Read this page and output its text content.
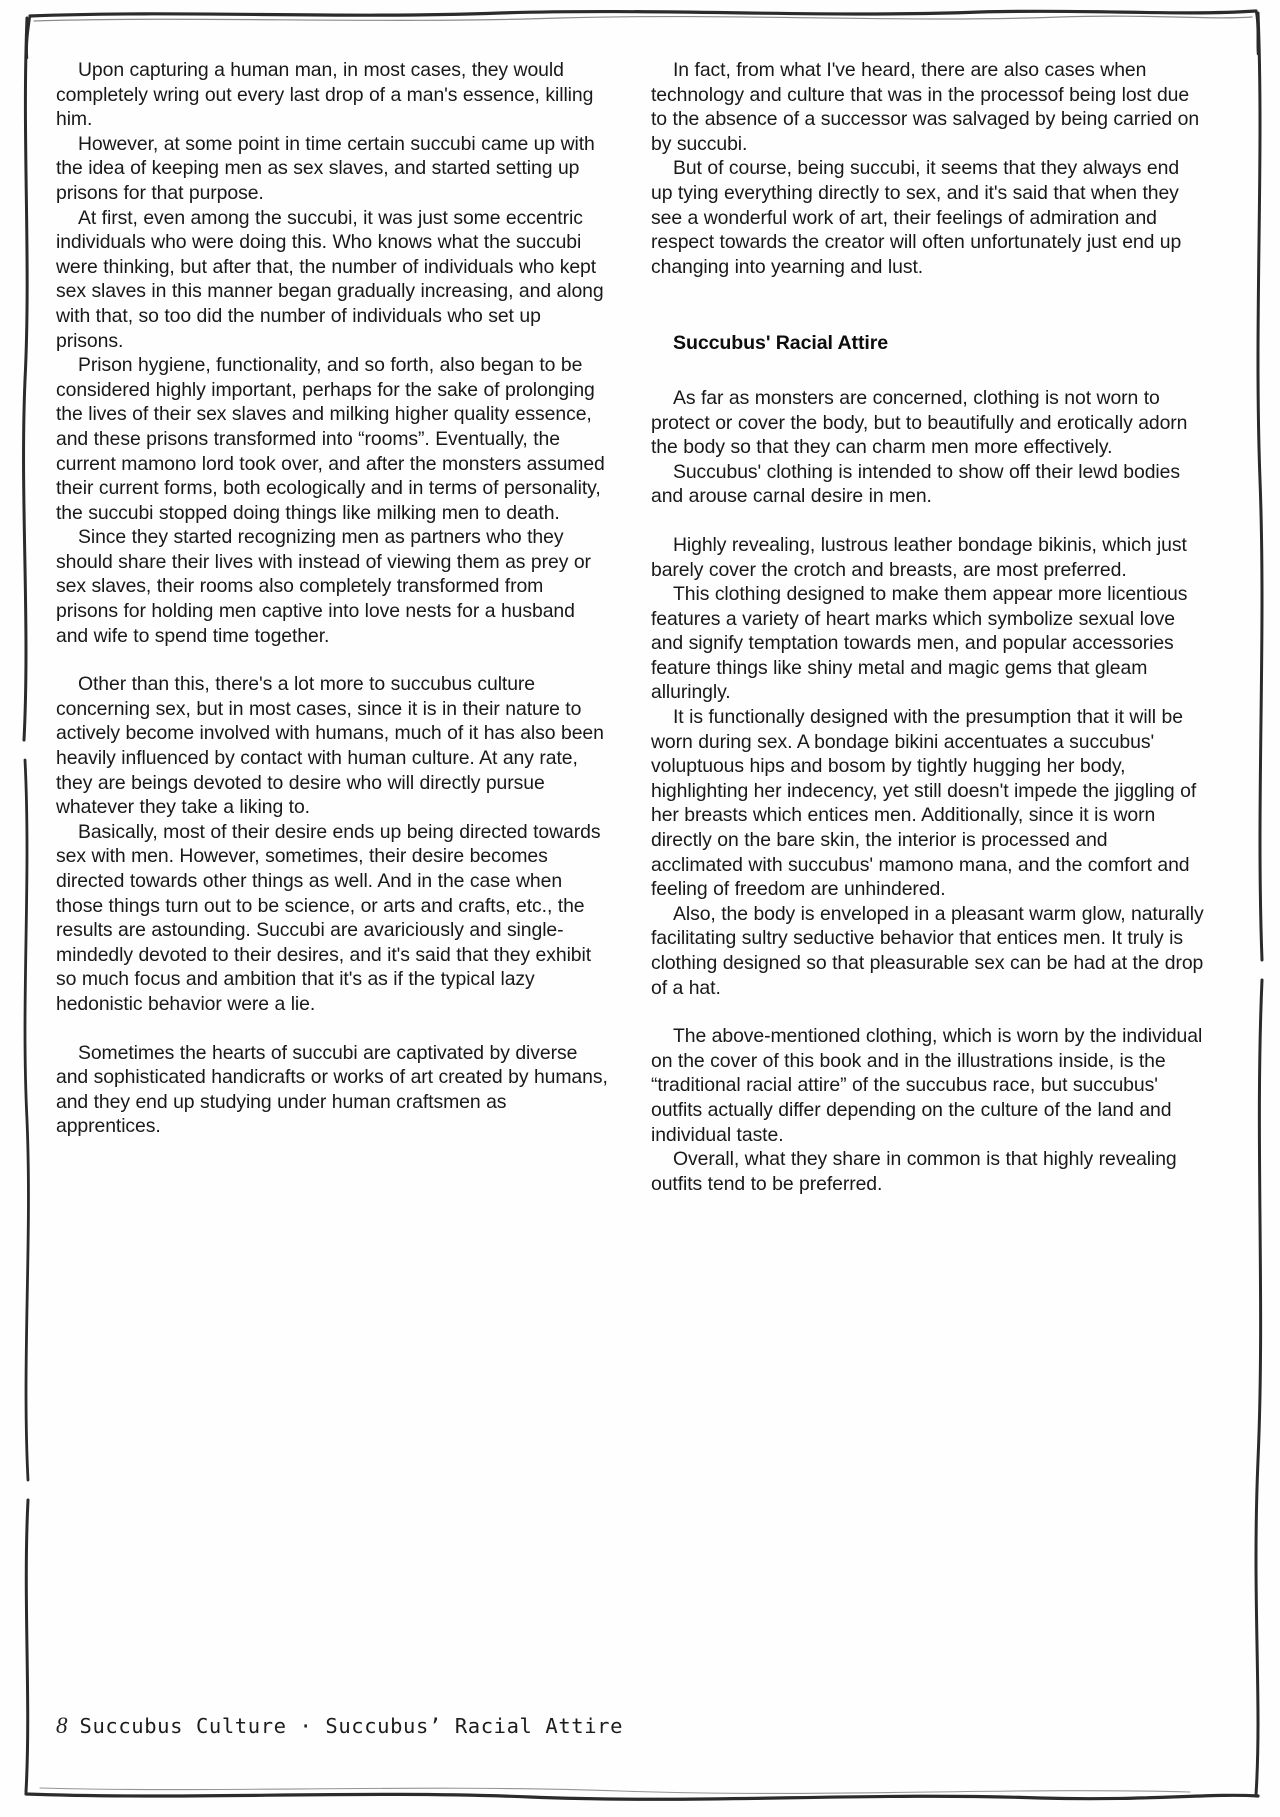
Upon capturing a human man, in most cases, they would completely wring out every last drop of a man's essence, killing him.

However, at some point in time certain succubi came up with the idea of keeping men as sex slaves, and started setting up prisons for that purpose.

At first, even among the succubi, it was just some eccentric individuals who were doing this. Who knows what the succubi were thinking, but after that, the number of individuals who kept sex slaves in this manner began gradually increasing, and along with that, so too did the number of individuals who set up prisons.

Prison hygiene, functionality, and so forth, also began to be considered highly important, perhaps for the sake of prolonging the lives of their sex slaves and milking higher quality essence, and these prisons transformed into “rooms”. Eventually, the current mamono lord took over, and after the monsters assumed their current forms, both ecologically and in terms of personality, the succubi stopped doing things like milking men to death.

Since they started recognizing men as partners who they should share their lives with instead of viewing them as prey or sex slaves, their rooms also completely transformed from prisons for holding men captive into love nests for a husband and wife to spend time together.

Other than this, there's a lot more to succubus culture concerning sex, but in most cases, since it is in their nature to actively become involved with humans, much of it has also been heavily influenced by contact with human culture. At any rate, they are beings devoted to desire who will directly pursue whatever they take a liking to.

Basically, most of their desire ends up being directed towards sex with men. However, sometimes, their desire becomes directed towards other things as well. And in the case when those things turn out to be science, or arts and crafts, etc., the results are astounding. Succubi are avariciously and single-mindedly devoted to their desires, and it's said that they exhibit so much focus and ambition that it's as if the typical lazy hedonistic behavior were a lie.

Sometimes the hearts of succubi are captivated by diverse and sophisticated handicrafts or works of art created by humans, and they end up studying under human craftsmen as apprentices.

In fact, from what I've heard, there are also cases when technology and culture that was in the processof being lost due to the absence of a successor was salvaged by being carried on by succubi.

But of course, being succubi, it seems that they always end up tying everything directly to sex, and it's said that when they see a wonderful work of art, their feelings of admiration and respect towards the creator will often unfortunately just end up changing into yearning and lust.

Succubus' Racial Attire

As far as monsters are concerned, clothing is not worn to protect or cover the body, but to beautifully and erotically adorn the body so that they can charm men more effectively.

Succubus' clothing is intended to show off their lewd bodies and arouse carnal desire in men.

Highly revealing, lustrous leather bondage bikinis, which just barely cover the crotch and breasts, are most preferred.

This clothing designed to make them appear more licentious features a variety of heart marks which symbolize sexual love and signify temptation towards men, and popular accessories feature things like shiny metal and magic gems that gleam alluringly.

It is functionally designed with the presumption that it will be worn during sex. A bondage bikini accentuates a succubus' voluptuous hips and bosom by tightly hugging her body, highlighting her indecency, yet still doesn't impede the jiggling of her breasts which entices men. Additionally, since it is worn directly on the bare skin, the interior is processed and acclimated with succubus' mamono mana, and the comfort and feeling of freedom are unhindered.

Also, the body is enveloped in a pleasant warm glow, naturally facilitating sultry seductive behavior that entices men. It truly is clothing designed so that pleasurable sex can be had at the drop of a hat.

The above-mentioned clothing, which is worn by the individual on the cover of this book and in the illustrations inside, is the “traditional racial attire” of the succubus race, but succubus' outfits actually differ depending on the culture of the land and individual taste.

Overall, what they share in common is that highly revealing outfits tend to be preferred.

8 Succubus Culture · Succubus’ Racial Attire
